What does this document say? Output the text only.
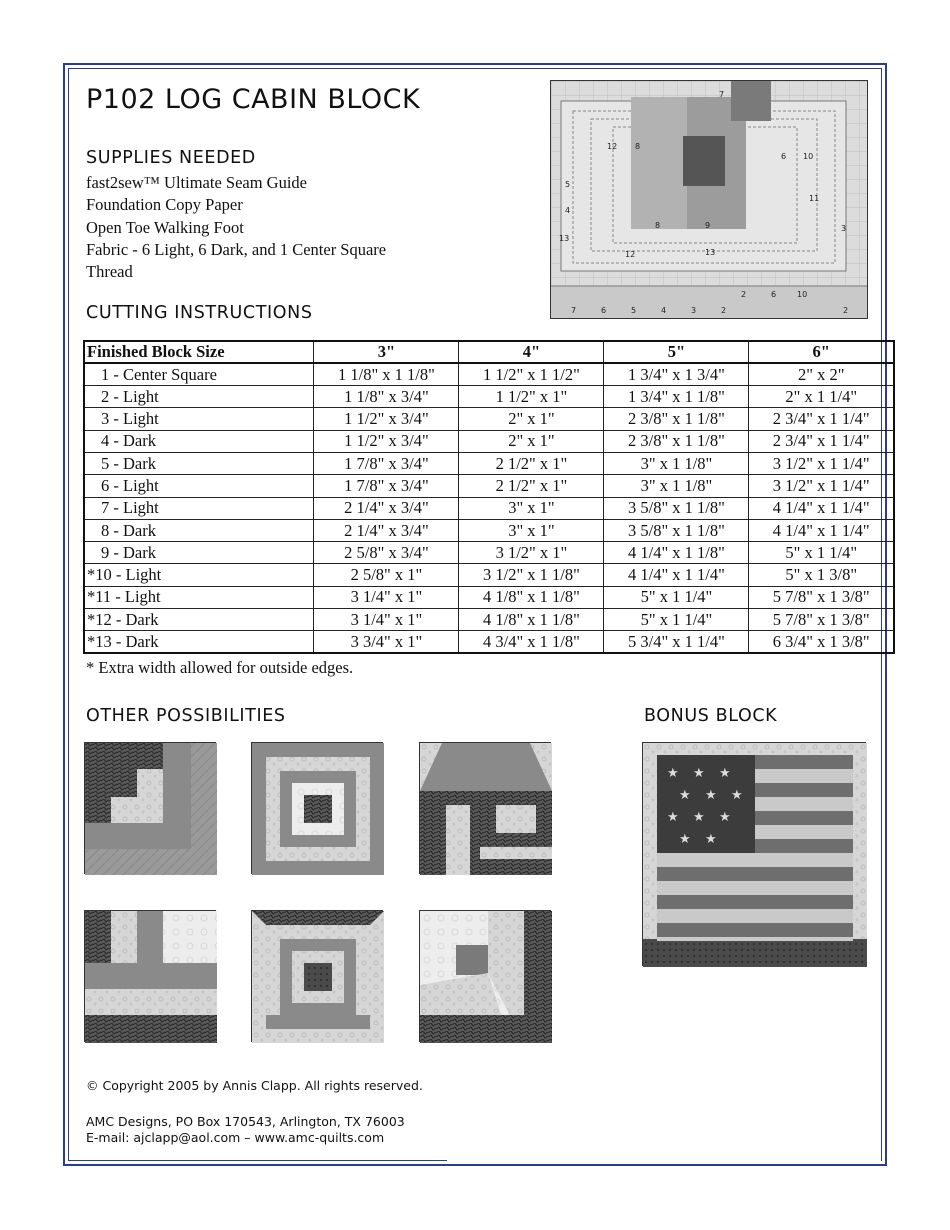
P102 LOG CABIN BLOCK
SUPPLIES NEEDED
fast2sew™ Ultimate Seam Guide
Foundation Copy Paper
Open Toe Walking Foot
Fabric - 6 Light, 6 Dark, and 1 Center Square
Thread
7
12 8
6 10
5
9
8
11
4
3
13
12	13
2	6	10
7	6	5	4	3	2	2
CUTTING INSTRUCTIONS
Finished Block Size	3"	4"	5"	6"
1 - Center Square	1 1/8" x 1 1/8"	1 1/2" x 1 1/2"	1 3/4" x 1 3/4"	2" x 2"
2 - Light	1 1/8" x 3/4"	1 1/2" x 1"	1 3/4" x 1 1/8"	2" x 1 1/4"
3 - Light	1 1/2" x 3/4"	2" x 1"	2 3/8" x 1 1/8"	2 3/4" x 1 1/4"
4 - Dark	1 1/2" x 3/4"	2" x 1"	2 3/8" x 1 1/8"	2 3/4" x 1 1/4"
5 - Dark	1 7/8" x 3/4"	2 1/2" x 1"	3" x 1 1/8"	3 1/2" x 1 1/4"
6 - Light	1 7/8" x 3/4"	2 1/2" x 1"	3" x 1 1/8"	3 1/2" x 1 1/4"
7 - Light	2 1/4" x 3/4"	3" x 1"	3 5/8" x 1 1/8"	4 1/4" x 1 1/4"
8 - Dark	2 1/4" x 3/4"	3" x 1"	3 5/8" x 1 1/8"	4 1/4" x 1 1/4"
9 - Dark	2 5/8" x 3/4"	3 1/2" x 1"	4 1/4" x 1 1/8"	5" x 1 1/4"
*10 - Light	2 5/8" x 1"	3 1/2" x 1 1/8"	4 1/4" x 1 1/4"	5" x 1 3/8"
*11 - Light	3 1/4" x 1"	4 1/8" x 1 1/8"	5" x 1 1/4"	5 7/8" x 1 3/8"
*12 - Dark	3 1/4" x 1"	4 1/8" x 1 1/8"	5" x 1 1/4"	5 7/8" x 1 3/8"
*13 - Dark	3 3/4" x 1"	4 3/4" x 1 1/8"	5 3/4" x 1 1/4"	6 3/4" x 1 3/8"
* Extra width allowed for outside edges.
OTHER POSSIBILITIES	BONUS BLOCK
★ ★ ★
★ ★ ★
★ ★ ★
★ ★
© Copyright 2005 by Annis Clapp. All rights reserved.
AMC Designs, PO Box 170543, Arlington, TX 76003
E-mail: ajclapp@aol.com – www.amc-quilts.com
